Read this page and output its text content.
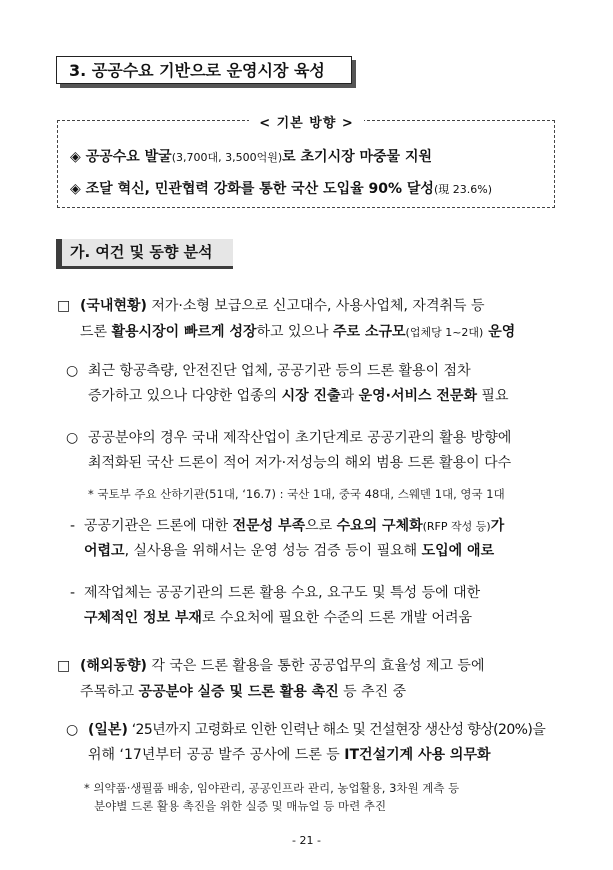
3. 공공수요 기반으로 운영시장 육성
< 기본 방향 >
◈ 공공수요 발굴(3,700대, 3,500억원)로 초기시장 마중물 지원
◈ 조달 혁신, 민관협력 강화를 통한 국산 도입율 90% 달성(現 23.6%)
가. 여건 및 동향 분석
□ (국내현황) 저가·소형 보급으로 신고대수, 사용사업체, 자격취득 등
드론 활용시장이 빠르게 성장하고 있으나 주로 소규모(업체당 1~2대) 운영
○ 최근 항공측량, 안전진단 업체, 공공기관 등의 드론 활용이 점차
증가하고 있으나 다양한 업종의 시장 진출과 운영·서비스 전문화 필요
○ 공공분야의 경우 국내 제작산업이 초기단계로 공공기관의 활용 방향에
최적화된 국산 드론이 적어 저가·저성능의 해외 범용 드론 활용이 다수
* 국토부 주요 산하기관(51대, ‘16.7) : 국산 1대, 중국 48대, 스웨덴 1대, 영국 1대
- 공공기관은 드론에 대한 전문성 부족으로 수요의 구체화(RFP 작성 등)가
어렵고, 실사용을 위해서는 운영 성능 검증 등이 필요해 도입에 애로
- 제작업체는 공공기관의 드론 활용 수요, 요구도 및 특성 등에 대한
구체적인 정보 부재로 수요처에 필요한 수준의 드론 개발 어려움
□ (해외동향) 각 국은 드론 활용을 통한 공공업무의 효율성 제고 등에
주목하고 공공분야 실증 및 드론 활용 촉진 등 추진 중
○ (일본) ‘25년까지 고령화로 인한 인력난 해소 및 건설현장 생산성 향상(20%)을
위해 ‘17년부터 공공 발주 공사에 드론 등 IT건설기계 사용 의무화
* 의약품·생필품 배송, 임야관리, 공공인프라 관리, 농업활용, 3차원 계측 등
분야별 드론 활용 촉진을 위한 실증 및 매뉴얼 등 마련 추진
- 21 -
